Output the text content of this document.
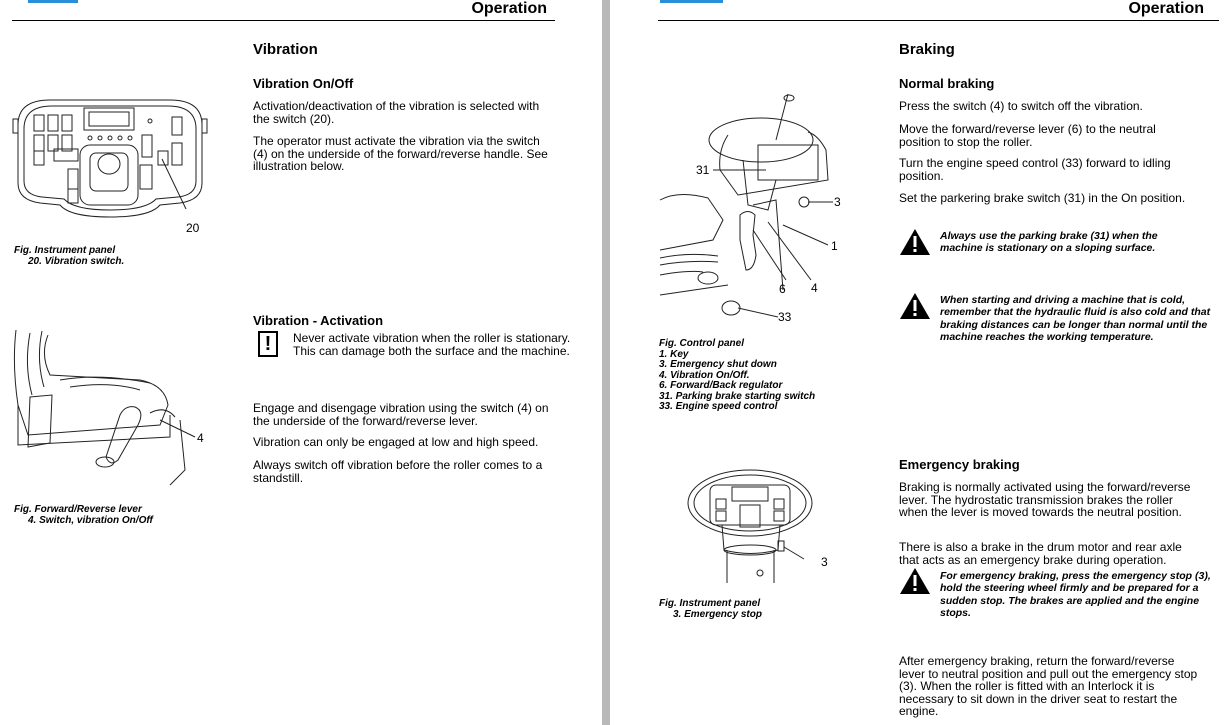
Operation
Vibration
Vibration On/Off

Activation/deactivation of the vibration is selected with the switch (20).

The operator must activate the vibration via the switch (4) on the underside of the forward/reverse handle. See illustration below.

20
Fig. Instrument panel
20. Vibration switch.
Vibration - Activation
!	Never activate vibration when the roller is stationary. This can damage both the surface and the machine.

Engage and disengage vibration using the switch (4) on the underside of the forward/reverse lever.

Vibration can only be engaged at low and high speed.

Always switch off vibration before the roller comes to a standstill.

4
Fig. Forward/Reverse lever
4. Switch, vibration On/Off
Operation
Braking
Normal braking

Press the switch (4) to switch off the vibration.

Move the forward/reverse lever (6) to the neutral position to stop the roller.

Turn the engine speed control (33) forward to idling position.

Set the parkering brake switch (31) in the On position.

Always use the parking brake (31) when the machine is stationary on a sloping surface.

When starting and driving a machine that is cold, remember that the hydraulic fluid is also cold and that braking distances can be longer than normal until the machine reaches the working temperature.

31
3
1
6 4
33
Fig. Control panel
1. Key
3. Emergency shut down
4. Vibration On/Off.
6. Forward/Back regulator
31. Parking brake starting switch
33. Engine speed control
Emergency braking

Braking is normally activated using the forward/reverse lever. The hydrostatic transmission brakes the roller when the lever is moved towards the neutral position.

There is also a brake in the drum motor and rear axle that acts as an emergency brake during operation.

For emergency braking, press the emergency stop (3), hold the steering wheel firmly and be prepared for a sudden stop. The brakes are applied and the engine stops.

3
Fig. Instrument panel
3. Emergency stop

After emergency braking, return the forward/reverse lever to neutral position and pull out the emergency stop (3). When the roller is fitted with an Interlock it is necessary to sit down in the driver seat to restart the engine.
